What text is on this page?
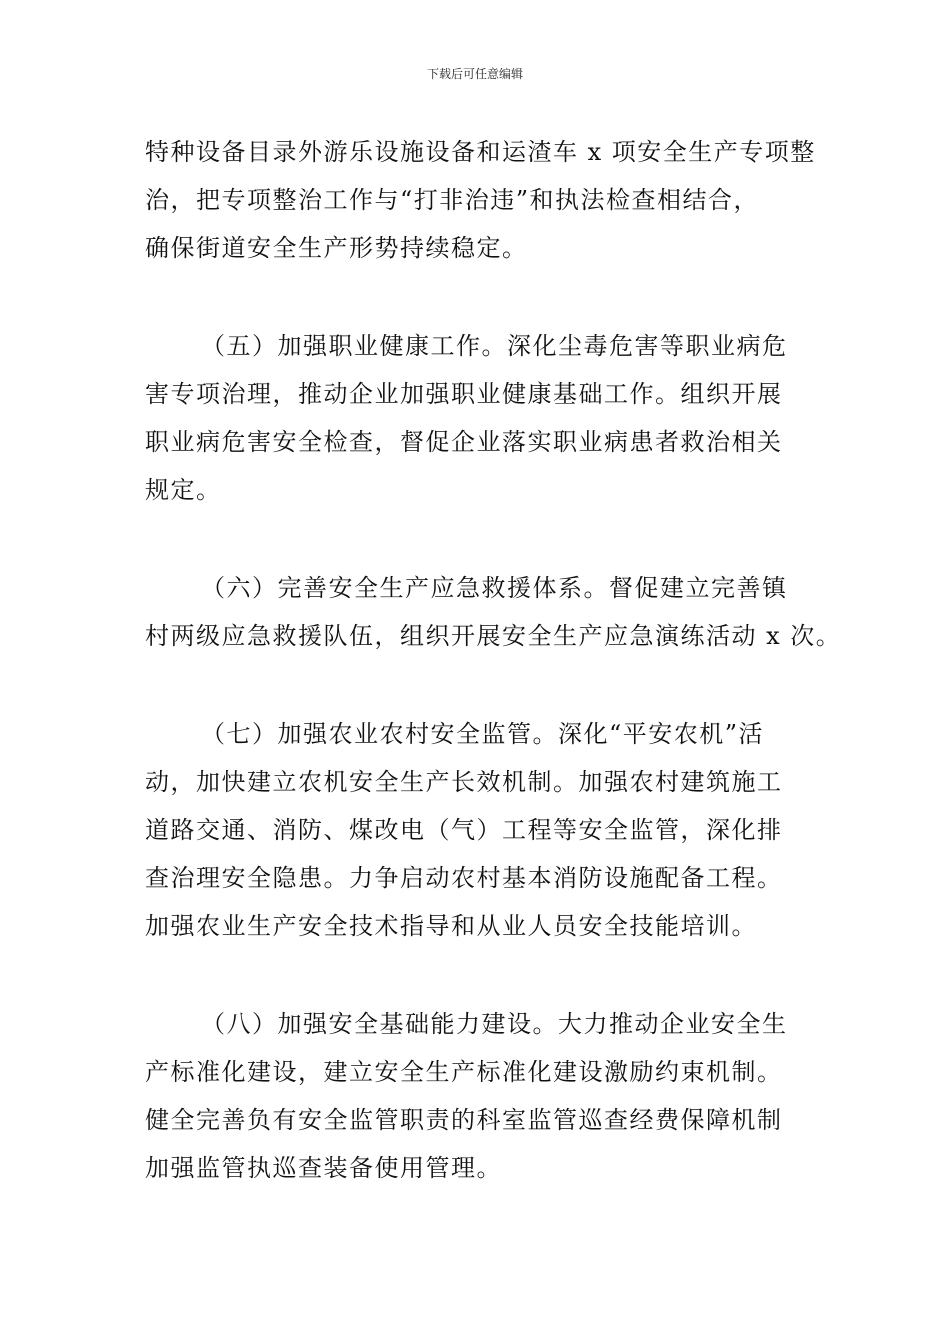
下载后可任意编辑
特种设备目录外游乐设施设备和运渣车 x 项安全生产专项整
治，把专项整治工作与“打非治违”和执法检查相结合，
确保街道安全生产形势持续稳定。
（五）加强职业健康工作。深化尘毒危害等职业病危
害专项治理，推动企业加强职业健康基础工作。组织开展
职业病危害安全检查，督促企业落实职业病患者救治相关
规定。
（六）完善安全生产应急救援体系。督促建立完善镇
村两级应急救援队伍，组织开展安全生产应急演练活动 x 次。
（七）加强农业农村安全监管。深化“平安农机”活
动，加快建立农机安全生产长效机制。加强农村建筑施工
道路交通、消防、煤改电（气）工程等安全监管，深化排
查治理安全隐患。力争启动农村基本消防设施配备工程。
加强农业生产安全技术指导和从业人员安全技能培训。
（八）加强安全基础能力建设。大力推动企业安全生
产标准化建设，建立安全生产标准化建设激励约束机制。
健全完善负有安全监管职责的科室监管巡查经费保障机制
加强监管执巡查装备使用管理。
